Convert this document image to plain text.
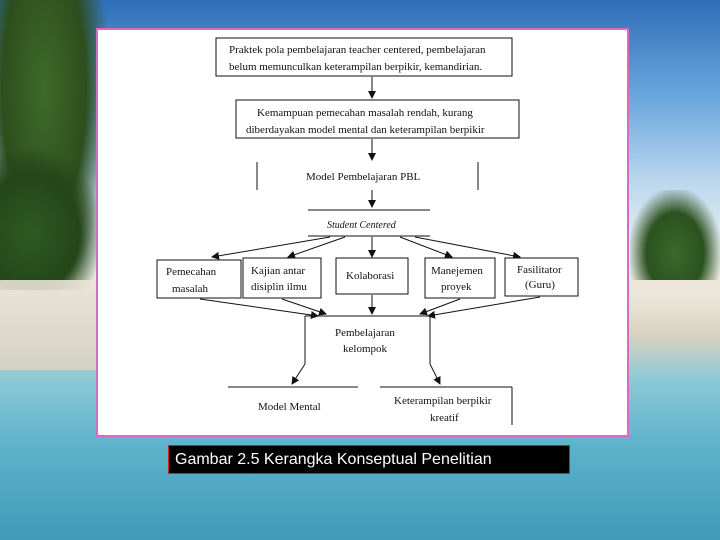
Praktek pola pembelajaran teacher centered, pembelajaran
belum memunculkan keterampilan berpikir, kemandirian.
Kemampuan pemecahan masalah rendah, kurang
diberdayakan model mental dan keterampilan berpikir
Model Pembelajaran PBL
Student Centered
Pemecahan
masalah
Kajian antar
disiplin ilmu
Kolaborasi	Manejemen
proyek
Fasilitator
(Guru)
Pembelajaran
kelompok
Model Mental	Keterampilan berpikir
kreatif
Gambar 2.5 Kerangka Konseptual Penelitian
